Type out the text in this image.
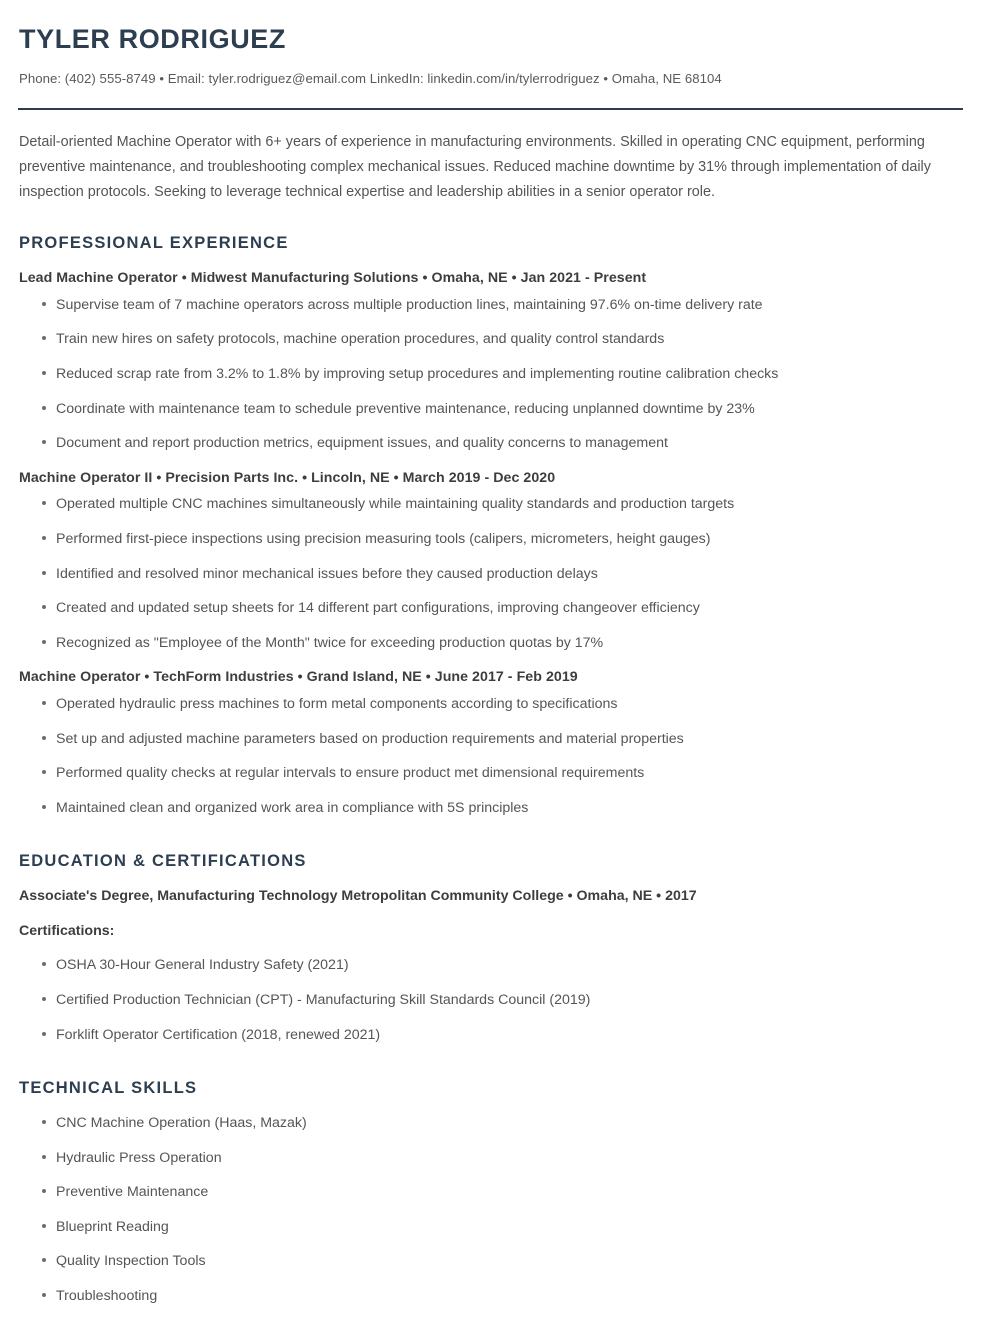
TYLER RODRIGUEZ
Phone: (402) 555-8749 • Email: tyler.rodriguez@email.com LinkedIn: linkedin.com/in/tylerrodriguez • Omaha, NE 68104

Detail-oriented Machine Operator with 6+ years of experience in manufacturing environments. Skilled in operating CNC equipment, performing preventive maintenance, and troubleshooting complex mechanical issues. Reduced machine downtime by 31% through implementation of daily inspection protocols. Seeking to leverage technical expertise and leadership abilities in a senior operator role.

PROFESSIONAL EXPERIENCE
Lead Machine Operator • Midwest Manufacturing Solutions • Omaha, NE • Jan 2021 - Present
Supervise team of 7 machine operators across multiple production lines, maintaining 97.6% on-time delivery rate
Train new hires on safety protocols, machine operation procedures, and quality control standards
Reduced scrap rate from 3.2% to 1.8% by improving setup procedures and implementing routine calibration checks
Coordinate with maintenance team to schedule preventive maintenance, reducing unplanned downtime by 23%
Document and report production metrics, equipment issues, and quality concerns to management
Machine Operator II • Precision Parts Inc. • Lincoln, NE • March 2019 - Dec 2020
Operated multiple CNC machines simultaneously while maintaining quality standards and production targets
Performed first-piece inspections using precision measuring tools (calipers, micrometers, height gauges)
Identified and resolved minor mechanical issues before they caused production delays
Created and updated setup sheets for 14 different part configurations, improving changeover efficiency
Recognized as "Employee of the Month" twice for exceeding production quotas by 17%
Machine Operator • TechForm Industries • Grand Island, NE • June 2017 - Feb 2019
Operated hydraulic press machines to form metal components according to specifications
Set up and adjusted machine parameters based on production requirements and material properties
Performed quality checks at regular intervals to ensure product met dimensional requirements
Maintained clean and organized work area in compliance with 5S principles
EDUCATION & CERTIFICATIONS
Associate's Degree, Manufacturing Technology Metropolitan Community College • Omaha, NE • 2017
Certifications:
OSHA 30-Hour General Industry Safety (2021)
Certified Production Technician (CPT) - Manufacturing Skill Standards Council (2019)
Forklift Operator Certification (2018, renewed 2021)
TECHNICAL SKILLS
CNC Machine Operation (Haas, Mazak)
Hydraulic Press Operation
Preventive Maintenance
Blueprint Reading
Quality Inspection Tools
Troubleshooting
